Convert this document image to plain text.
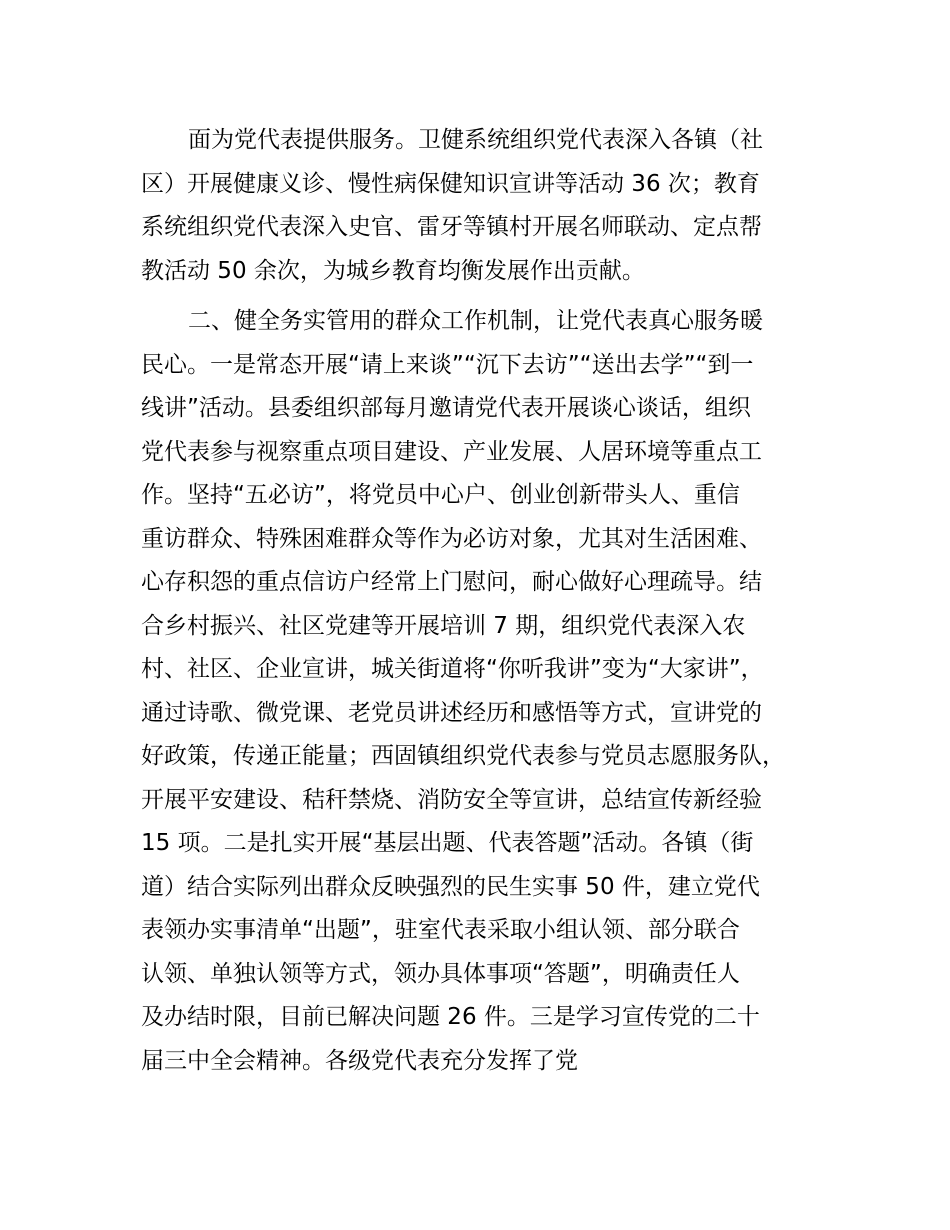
面为党代表提供服务。卫健系统组织党代表深入各镇（社
区）开展健康义诊、慢性病保健知识宣讲等活动 36 次；教育
系统组织党代表深入史官、雷牙等镇村开展名师联动、定点帮
教活动 50 余次，为城乡教育均衡发展作出贡献。
二、健全务实管用的群众工作机制，让党代表真心服务暖
民心。一是常态开展“请上来谈”“沉下去访”“送出去学”“到一
线讲”活动。县委组织部每月邀请党代表开展谈心谈话，组织
党代表参与视察重点项目建设、产业发展、人居环境等重点工
作。坚持“五必访”，将党员中心户、创业创新带头人、重信
重访群众、特殊困难群众等作为必访对象，尤其对生活困难、
心存积怨的重点信访户经常上门慰问，耐心做好心理疏导。结
合乡村振兴、社区党建等开展培训 7 期，组织党代表深入农
村、社区、企业宣讲，城关街道将“你听我讲”变为“大家讲”，
通过诗歌、微党课、老党员讲述经历和感悟等方式，宣讲党的
好政策，传递正能量；西固镇组织党代表参与党员志愿服务队，
开展平安建设、秸秆禁烧、消防安全等宣讲，总结宣传新经验
15 项。二是扎实开展“基层出题、代表答题”活动。各镇（街
道）结合实际列出群众反映强烈的民生实事 50 件，建立党代
表领办实事清单“出题”，驻室代表采取小组认领、部分联合
认领、单独认领等方式，领办具体事项“答题”，明确责任人
及办结时限，目前已解决问题 26 件。三是学习宣传党的二十
届三中全会精神。各级党代表充分发挥了党
